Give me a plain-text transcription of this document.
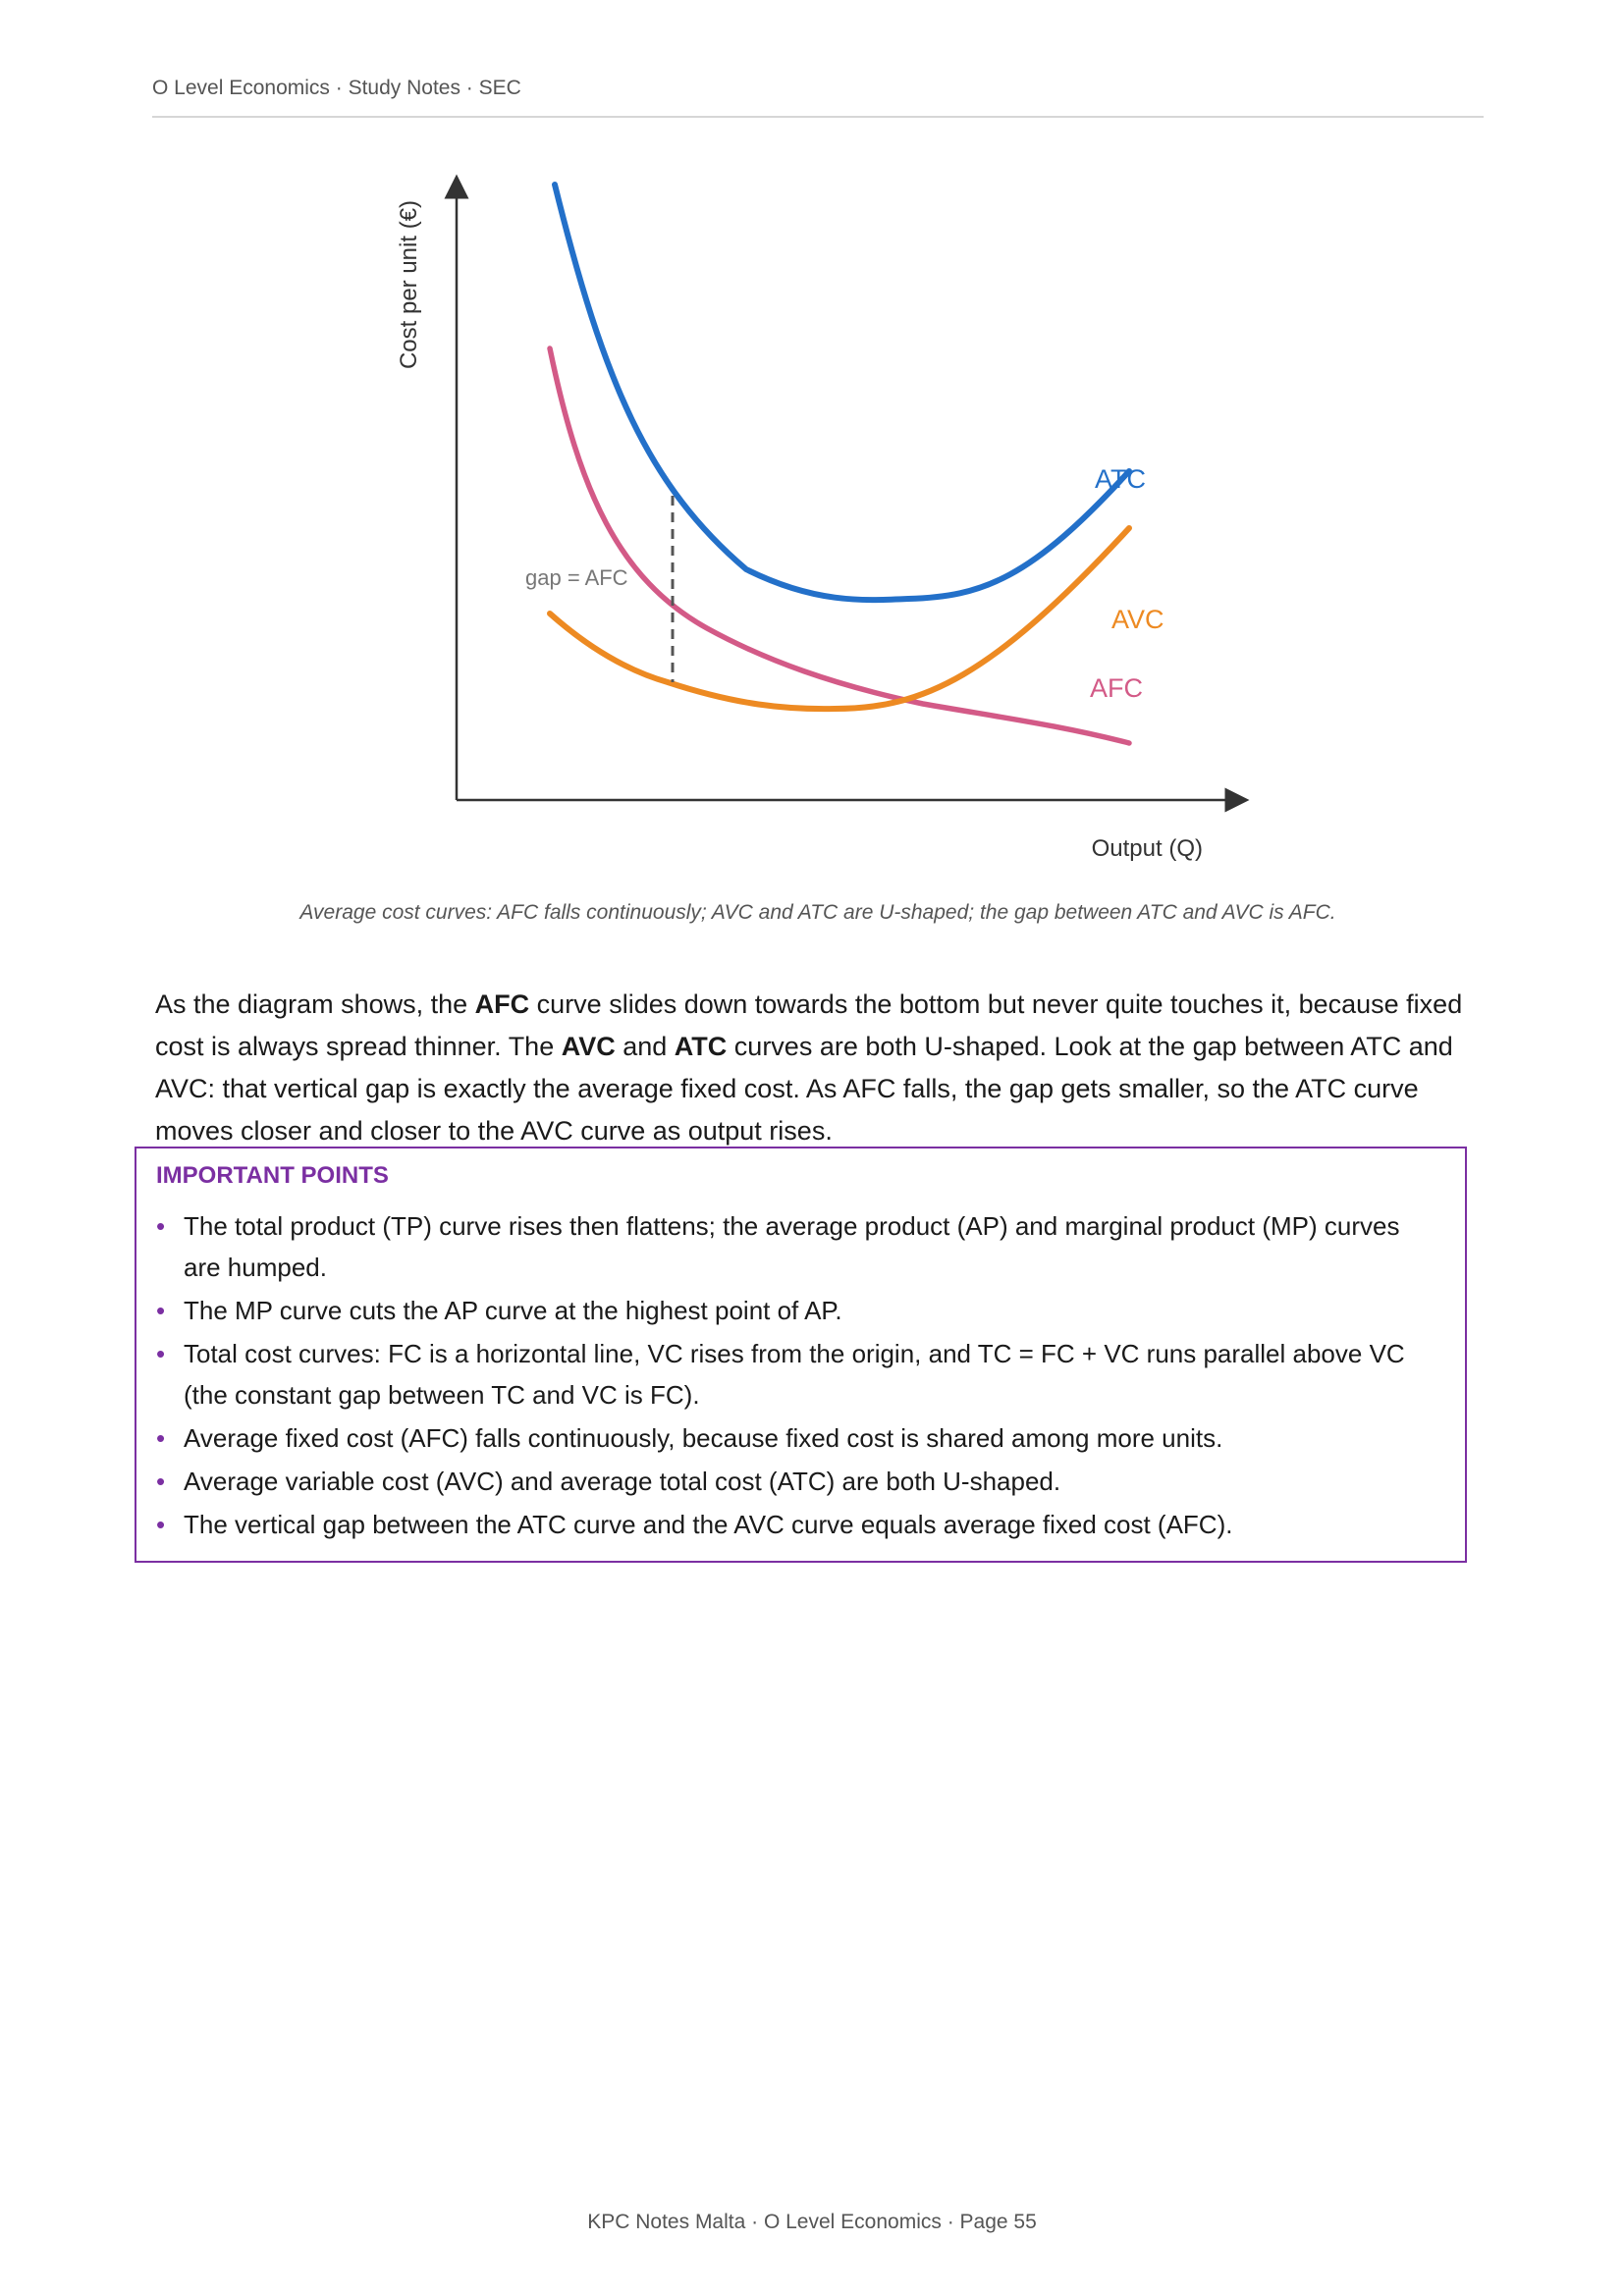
O Level Economics · Study Notes · SEC
gap = AFC
ATC
AVC
AFC
Output (Q)
Cost per unit (€)
Average cost curves: AFC falls continuously; AVC and ATC are U-shaped; the gap between ATC and AVC is AFC.

As the diagram shows, the AFC curve slides down towards the bottom but never quite touches it, because fixed cost is always spread thinner. The AVC and ATC curves are both U-shaped. Look at the gap between ATC and AVC: that vertical gap is exactly the average fixed cost. As AFC falls, the gap gets smaller, so the ATC curve moves closer and closer to the AVC curve as output rises.

IMPORTANT POINTS
• The total product (TP) curve rises then flattens; the average product (AP) and marginal product (MP) curves are humped.
• The MP curve cuts the AP curve at the highest point of AP.
• Total cost curves: FC is a horizontal line, VC rises from the origin, and TC = FC + VC runs parallel above VC (the constant gap between TC and VC is FC).
• Average fixed cost (AFC) falls continuously, because fixed cost is shared among more units.
• Average variable cost (AVC) and average total cost (ATC) are both U-shaped.
• The vertical gap between the ATC curve and the AVC curve equals average fixed cost (AFC).
KPC Notes Malta · O Level Economics · Page 55
